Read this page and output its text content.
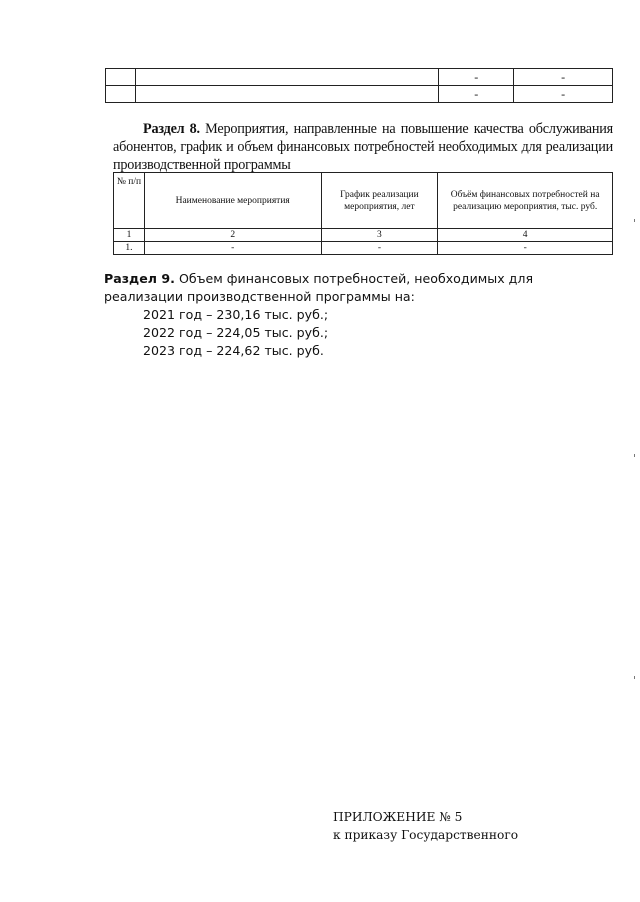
		-	-
		-	-
Раздел 8. Мероприятия, направленные на повышение качества обслуживания абонентов, график и объем финансовых потребностей необходимых для реализации производственной программы
№ п/п	Наименование мероприятия	График реализации мероприятия, лет	Объём финансовых потребностей на реализацию мероприятия, тыс. руб.
1	2	3	4
1.	-	-	-
Раздел 9. Объем финансовых потребностей, необходимых для реализации производственной программы на:
2021 год – 230,16 тыс. руб.;
2022 год – 224,05 тыс. руб.;
2023 год – 224,62 тыс. руб.
ПРИЛОЖЕНИЕ № 5
к приказу Государственного
